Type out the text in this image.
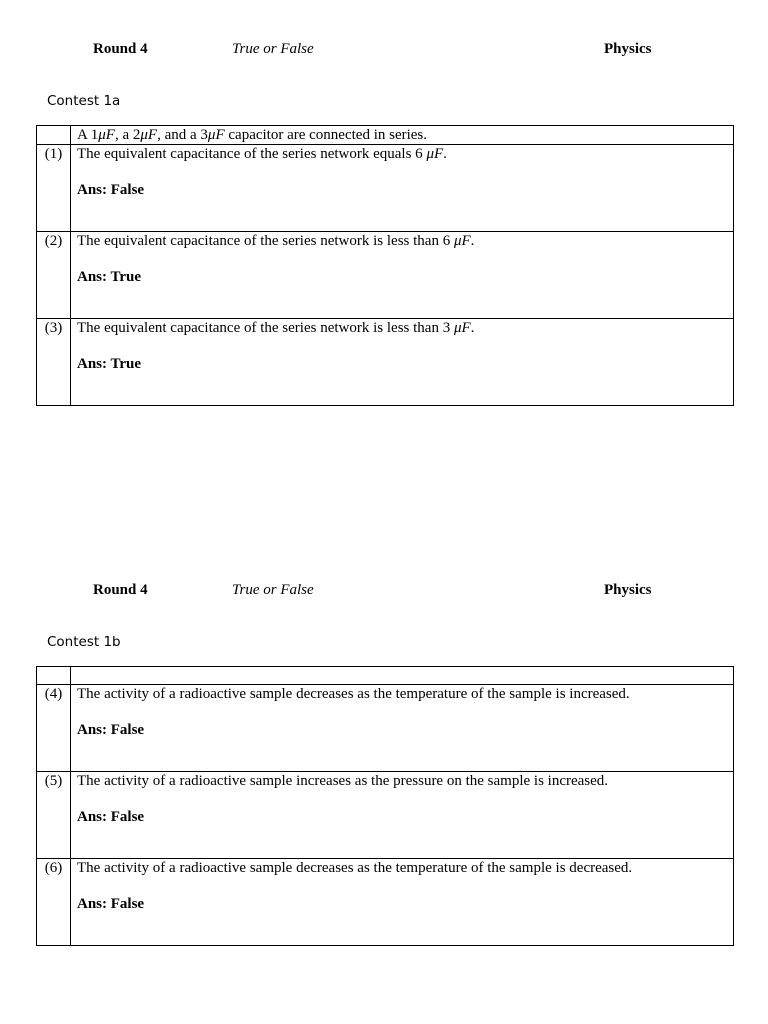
Round 4	True or False	Physics
Contest 1a
	A 1μF, a 2μF, and a 3μF capacitor are connected in series.
(1)	The equivalent capacitance of the series network equals 6 μF.
Ans: False

(2)	The equivalent capacitance of the series network is less than 6 μF.
Ans: True

(3)	The equivalent capacitance of the series network is less than 3 μF.
Ans: True
Round 4	True or False	Physics
Contest 1b

(4)	The activity of a radioactive sample decreases as the temperature of the sample is increased.
Ans: False

(5)	The activity of a radioactive sample increases as the pressure on the sample is increased.
Ans: False

(6)	The activity of a radioactive sample decreases as the temperature of the sample is decreased.
Ans: False
